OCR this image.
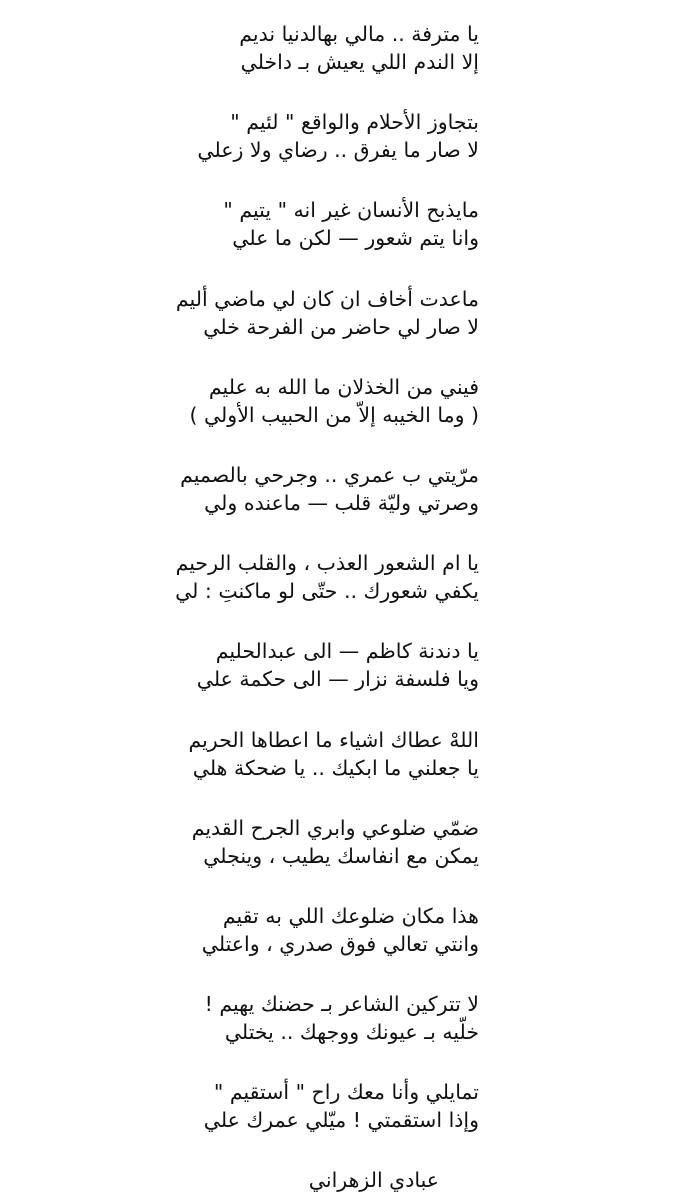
يا مترفة .. مالي بهالدنيا نديم
إلا الندم اللي يعيش بـ داخلي
بتجاوز الأحلام والواقع " لئيم "
لا صار ما يفرق .. رضاي ولا زعلي
مايذبح الأنسان غير انه " يتيم "
وانا يتم شعور — لكن ما علي
ماعدت أخاف ان كان لي ماضي أليم
لا صار لي حاضر من الفرحة خلي
فيني من الخذلان ما الله به عليم
( وما الخيبه إلاّ من الحبيب الأولي )
مرّيتي ب عمري .. وجرحي بالصميم
وصرتي وليّة قلب — ماعنده ولي
يا ام الشعور العذب ، والقلب الرحيم
يكفي شعورك .. حتّى لو ماكنتِ : لي
يا دندنة كاظم — الى عبدالحليم
ويا فلسفة نزار — الى حكمة علي
اللهْ عطاك اشياء ما اعطاها الحريم
يا جعلني ما ابكيك .. يا ضحكة هلي
ضمّي ضلوعي وابري الجرح القديم
يمكن مع انفاسك يطيب ، وينجلي
هذا مكان ضلوعك اللي به تقيم
وانتي تعالي فوق صدري ، واعتلي
لا تتركين الشاعر بـ حضنك يهيم !
خلّيه بـ عيونك ووجهك .. يختلي
تمايلي وأنا معك راح " أستقيم "
وإذا استقمتي ! ميّلي عمرك علي
عبادي الزهراني
